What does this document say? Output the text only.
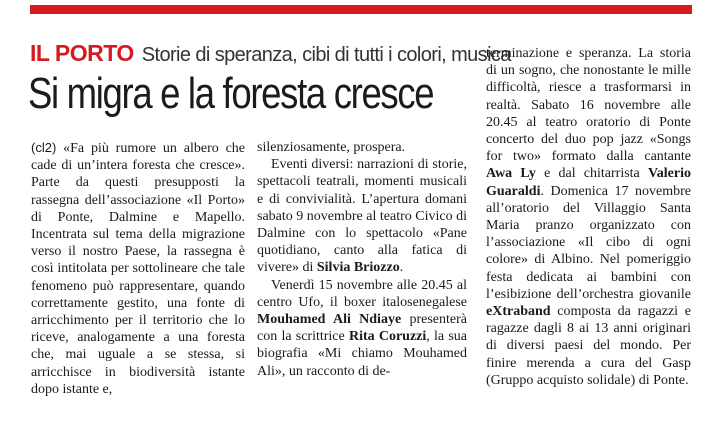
IL PORTO Storie di speranza, cibi di tutti i colori, musica
Si migra e la foresta cresce

(cl2) «Fa più rumore un albero che cade di un’intera foresta che cresce». Parte da questi presupposti la rassegna dell’associazione «Il Porto» di Ponte, Dalmine e Mapello. Incentrata sul tema della migrazione verso il nostro Paese, la rassegna è così intitolata per sottolineare che tale fenomeno può rappresentare, quando correttamente gestito, una fonte di arricchimento per il territorio che lo riceve, analogamente a una foresta che, mai uguale a se stessa, si arricchisce in biodiversità istante dopo istante e,

silenziosamente, prospera.

Eventi diversi: narrazioni di storie, spettacoli teatrali, momenti musicali e di convivialità. L’apertura domani sabato 9 novembre al teatro Civico di Dalmine con lo spettacolo «Pane quotidiano, canto alla fatica di vivere» di Silvia Briozzo.

Venerdì 15 novembre alle 20.45 al centro Ufo, il boxer italosenegalese Mouhamed Ali Ndiaye presenterà con la scrittrice Rita Coruzzi, la sua biografia «Mi chiamo Mouhamed Ali», un racconto di de-

terminazione e speranza. La storia di un sogno, che nonostante le mille difficoltà, riesce a trasformarsi in realtà. Sabato 16 novembre alle 20.45 al teatro oratorio di Ponte concerto del duo pop jazz «Songs for two» formato dalla cantante Awa Ly e dal chitarrista Valerio Guaraldi. Domenica 17 novembre all’oratorio del Villaggio Santa Maria pranzo organizzato con l’associazione «Il cibo di ogni colore» di Albino. Nel pomeriggio festa dedicata ai bambini con l’esibizione dell’orchestra giovanile eXtraband composta da ragazzi e ragazze dagli 8 ai 13 anni originari di diversi paesi del mondo. Per finire merenda a cura del Gasp (Gruppo acquisto solidale) di Ponte.
